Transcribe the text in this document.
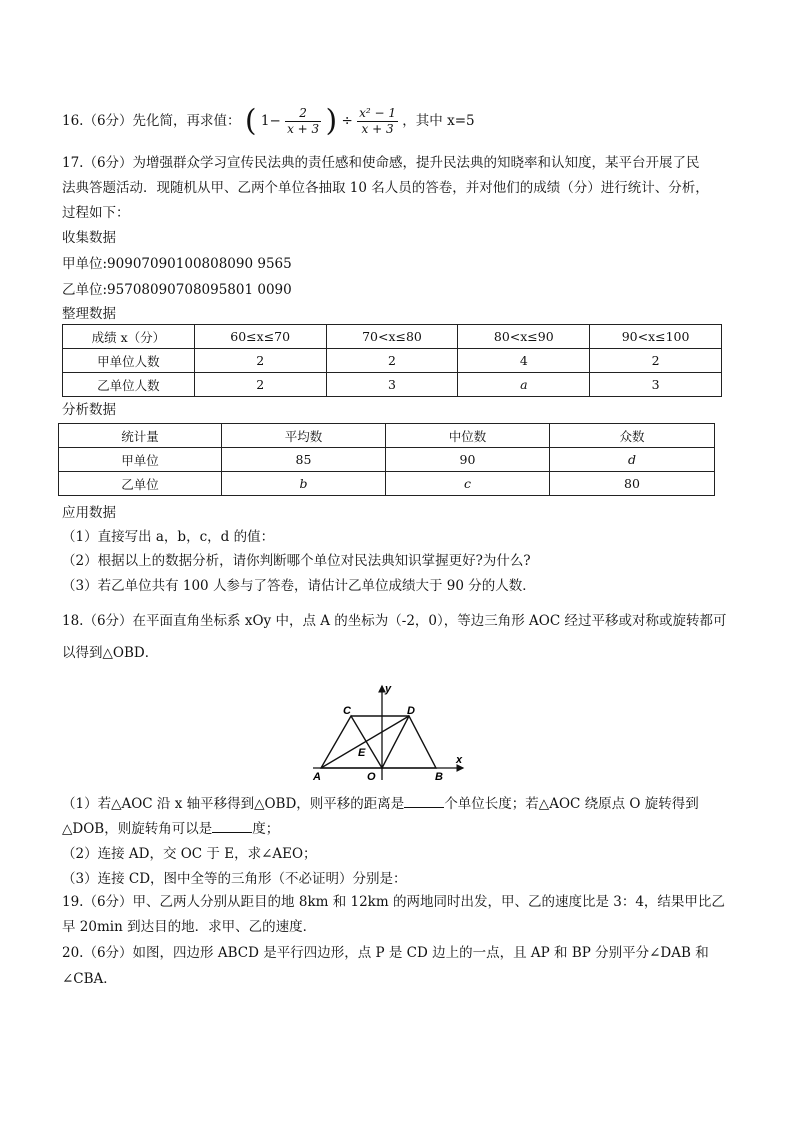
16.（6分）先化简，再求值： ( $1- \frac{2}{x + 3}$ ) ÷ $\frac{\text{x² − 1}}{x + 3}$ ，其中 x=5
17.（6分）为增强群众学习宣传民法典的责任感和使命感，提升民法典的知晓率和认知度，某平台开展了民
法典答题活动．现随机从甲、乙两个单位各抽取 10 名人员的答卷，并对他们的成绩（分）进行统计、分析，
过程如下：
收集数据
甲单位:90907090100808090 9565
乙单位:95708090708095801 0090
整理数据
成绩 x（分）	60≤x≤70	70<x≤80	80<x≤90	90<x≤100
甲单位人数	2	2	4	2
乙单位人数	2	3	a	3
分析数据
统计量	平均数	中位数	众数
甲单位	85	90	d
乙单位	b	c	80
应用数据
（1）直接写出 a，b，c，d 的值：
（2）根据以上的数据分析，请你判断哪个单位对民法典知识掌握更好?为什么?
（3）若乙单位共有 100 人参与了答卷，请估计乙单位成绩大于 90 分的人数．
18.（6分）在平面直角坐标系 xOy 中，点 A 的坐标为（-2，0），等边三角形 AOC 经过平移或对称或旋转都可
以得到△OBD．
C	D
E
A	O	B
x
y
（1）若△AOC 沿 x 轴平移得到△OBD，则平移的距离是	个单位长度；若△AOC 绕原点 O 旋转得到
△DOB，则旋转角可以是	度；
（2）连接 AD，交 OC 于 E，求∠AEO；
（3）连接 CD，图中全等的三角形（不必证明）分别是：
19.（6分）甲、乙两人分别从距目的地 8km 和 12km 的两地同时出发，甲、乙的速度比是 3：4，结果甲比乙
早 20min 到达目的地．求甲、乙的速度．
20.（6分）如图，四边形 ABCD 是平行四边形，点 P 是 CD 边上的一点，且 AP 和 BP 分别平分∠DAB 和
∠CBA．
